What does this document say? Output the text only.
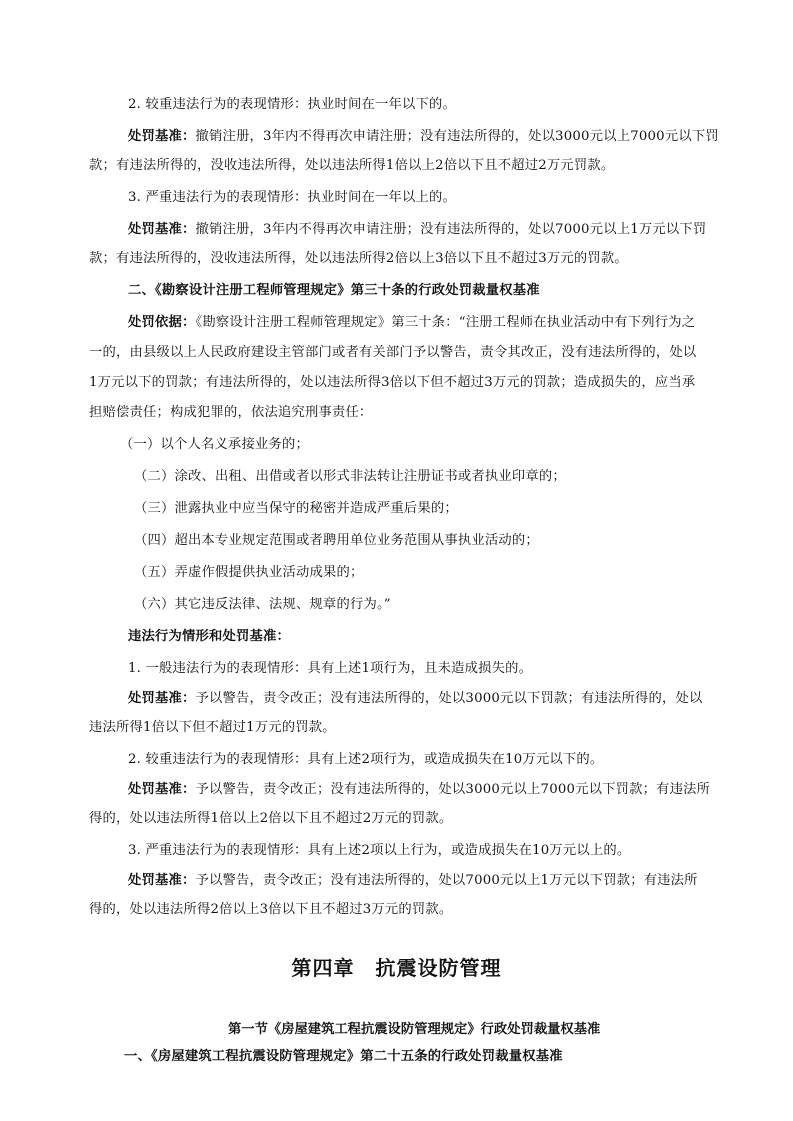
2. 较重违法行为的表现情形：执业时间在一年以下的。
处罚基准：撤销注册，3年内不得再次申请注册；没有违法所得的，处以3000元以上7000元以下罚
款；有违法所得的，没收违法所得，处以违法所得1倍以上2倍以下且不超过2万元罚款。
3. 严重违法行为的表现情形：执业时间在一年以上的。
处罚基准：撤销注册，3年内不得再次申请注册；没有违法所得的，处以7000元以上1万元以下罚
款；有违法所得的，没收违法所得，处以违法所得2倍以上3倍以下且不超过3万元的罚款。
二、《勘察设计注册工程师管理规定》第三十条的行政处罚裁量权基准
处罚依据：《勘察设计注册工程师管理规定》第三十条：“注册工程师在执业活动中有下列行为之
一的，由县级以上人民政府建设主管部门或者有关部门予以警告，责令其改正，没有违法所得的，处以
1万元以下的罚款；有违法所得的，处以违法所得3倍以下但不超过3万元的罚款；造成损失的，应当承
担赔偿责任；构成犯罪的，依法追究刑事责任：
（一）以个人名义承接业务的；
（二）涂改、出租、出借或者以形式非法转让注册证书或者执业印章的；
（三）泄露执业中应当保守的秘密并造成严重后果的；
（四）超出本专业规定范围或者聘用单位业务范围从事执业活动的；
（五）弄虚作假提供执业活动成果的；
（六）其它违反法律、法规、规章的行为。”
违法行为情形和处罚基准：
1. 一般违法行为的表现情形：具有上述1项行为，且未造成损失的。
处罚基准：予以警告，责令改正；没有违法所得的，处以3000元以下罚款；有违法所得的，处以
违法所得1倍以下但不超过1万元的罚款。
2. 较重违法行为的表现情形：具有上述2项行为，或造成损失在10万元以下的。
处罚基准：予以警告，责令改正；没有违法所得的，处以3000元以上7000元以下罚款；有违法所
得的，处以违法所得1倍以上2倍以下且不超过2万元的罚款。
3. 严重违法行为的表现情形：具有上述2项以上行为，或造成损失在10万元以上的。
处罚基准：予以警告，责令改正；没有违法所得的，处以7000元以上1万元以下罚款；有违法所
得的，处以违法所得2倍以上3倍以下且不超过3万元的罚款。
第四章　抗震设防管理
第一节《房屋建筑工程抗震设防管理规定》行政处罚裁量权基准
一、《房屋建筑工程抗震设防管理规定》第二十五条的行政处罚裁量权基准
